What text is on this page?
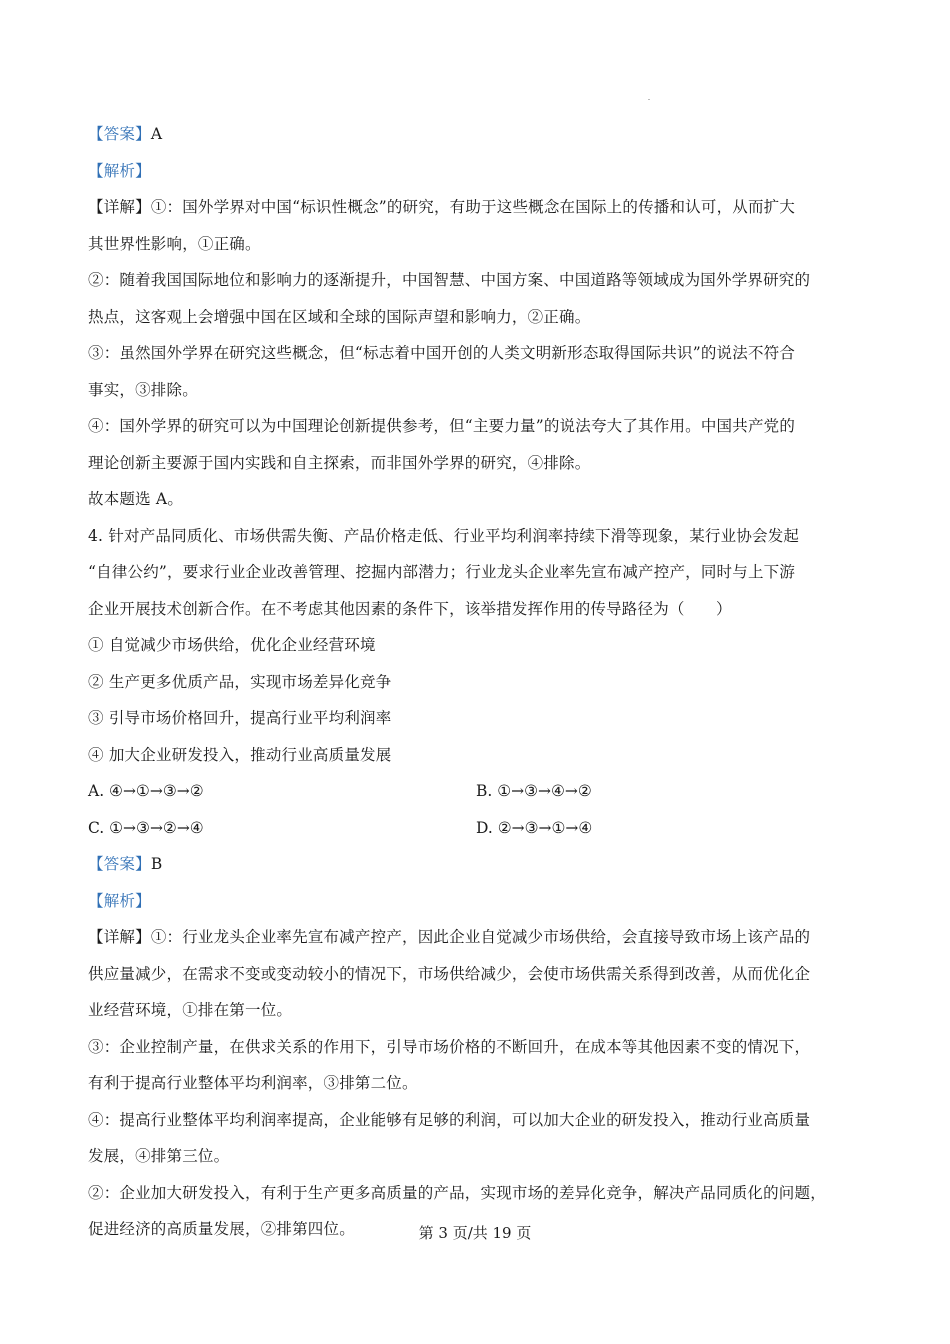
【答案】A
【解析】
【详解】①：国外学界对中国“标识性概念”的研究，有助于这些概念在国际上的传播和认可，从而扩大
其世界性影响，①正确。
②：随着我国国际地位和影响力的逐渐提升，中国智慧、中国方案、中国道路等领域成为国外学界研究的
热点，这客观上会增强中国在区域和全球的国际声望和影响力，②正确。
③：虽然国外学界在研究这些概念，但“标志着中国开创的人类文明新形态取得国际共识”的说法不符合
事实，③排除。
④：国外学界的研究可以为中国理论创新提供参考，但“主要力量”的说法夸大了其作用。中国共产党的
理论创新主要源于国内实践和自主探索，而非国外学界的研究，④排除。
故本题选 A。
4. 针对产品同质化、市场供需失衡、产品价格走低、行业平均利润率持续下滑等现象，某行业协会发起
“自律公约”，要求行业企业改善管理、挖掘内部潜力；行业龙头企业率先宣布减产控产，同时与上下游
企业开展技术创新合作。在不考虑其他因素的条件下，该举措发挥作用的传导路径为（　　）
① 自觉减少市场供给，优化企业经营环境
② 生产更多优质产品，实现市场差异化竞争
③ 引导市场价格回升，提高行业平均利润率
④ 加大企业研发投入，推动行业高质量发展
A. ④→①→③→②	B. ①→③→④→②
C. ①→③→②→④	D. ②→③→①→④
【答案】B
【解析】
【详解】①：行业龙头企业率先宣布减产控产，因此企业自觉减少市场供给，会直接导致市场上该产品的
供应量减少，在需求不变或变动较小的情况下，市场供给减少，会使市场供需关系得到改善，从而优化企
业经营环境，①排在第一位。
③：企业控制产量，在供求关系的作用下，引导市场价格的不断回升，在成本等其他因素不变的情况下，
有利于提高行业整体平均利润率，③排第二位。
④：提高行业整体平均利润率提高，企业能够有足够的利润，可以加大企业的研发投入，推动行业高质量
发展，④排第三位。
②：企业加大研发投入，有利于生产更多高质量的产品，实现市场的差异化竞争，解决产品同质化的问题，
促进经济的高质量发展，②排第四位。	第 3 页/共 19 页
